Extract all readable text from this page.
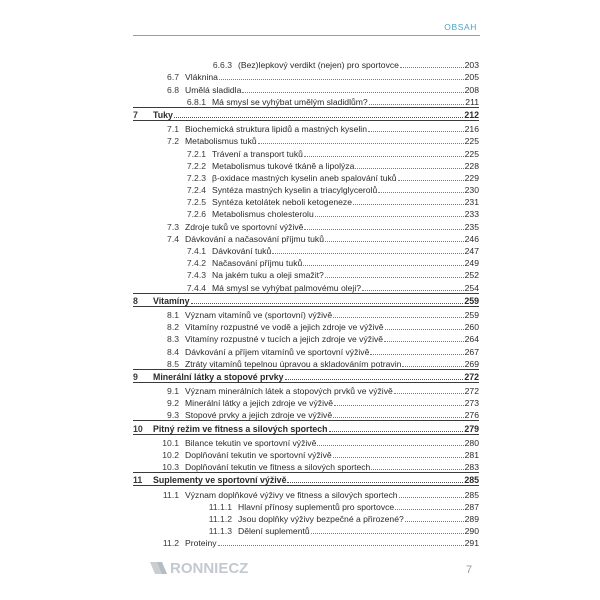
OBSAH
6.6.3 (Bez)lepkový verdikt (nejen) pro sportovce	203
6.7 Vláknina	205
6.8 Umělá sladidla	208
6.8.1 Má smysl se vyhýbat umělým sladidlům?	211
7	Tuky	212
7.1 Biochemická struktura lipidů a mastných kyselin	216
7.2 Metabolismus tuků	225
7.2.1 Trávení a transport tuků	225
7.2.2 Metabolismus tukové tkáně a lipolýza	228
7.2.3 β-oxidace mastných kyselin aneb spalování tuků	229
7.2.4 Syntéza mastných kyselin a triacylglycerolů	230
7.2.5 Syntéza ketolátek neboli ketogeneze	231
7.2.6 Metabolismus cholesterolu	233
7.3 Zdroje tuků ve sportovní výživě	235
7.4 Dávkování a načasování příjmu tuků	246
7.4.1 Dávkování tuků	247
7.4.2 Načasování příjmu tuků	249
7.4.3 Na jakém tuku a oleji smažit?	252
7.4.4 Má smysl se vyhýbat palmovému oleji?	254
8	Vitamíny	259
8.1 Význam vitamínů ve (sportovní) výživě	259
8.2 Vitamíny rozpustné ve vodě a jejich zdroje ve výživě	260
8.3 Vitamíny rozpustné v tucích a jejich zdroje ve výživě	264
8.4 Dávkování a příjem vitamínů ve sportovní výživě	267
8.5 Ztráty vitamínů tepelnou úpravou a skladováním potravin	269
9	Minerální látky a stopové prvky	272
9.1 Význam minerálních látek a stopových prvků ve výživě	272
9.2 Minerální látky a jejich zdroje ve výživě	273
9.3 Stopové prvky a jejich zdroje ve výživě	276
10	Pitný režim ve fitness a silových sportech	279
10.1 Bilance tekutin ve sportovní výživě	280
10.2 Doplňování tekutin ve sportovní výživě	281
10.3 Doplňování tekutin ve fitness a silových sportech	283
11	Suplementy ve sportovní výživě	285
11.1 Význam doplňkové výživy ve fitness a silových sportech	285
11.1.1 Hlavní přínosy suplementů pro sportovce	287
11.1.2 Jsou doplňky výživy bezpečné a přirozené?	289
11.1.3 Dělení suplementů	290
11.2 Proteiny	291
RONNIECZ	7
